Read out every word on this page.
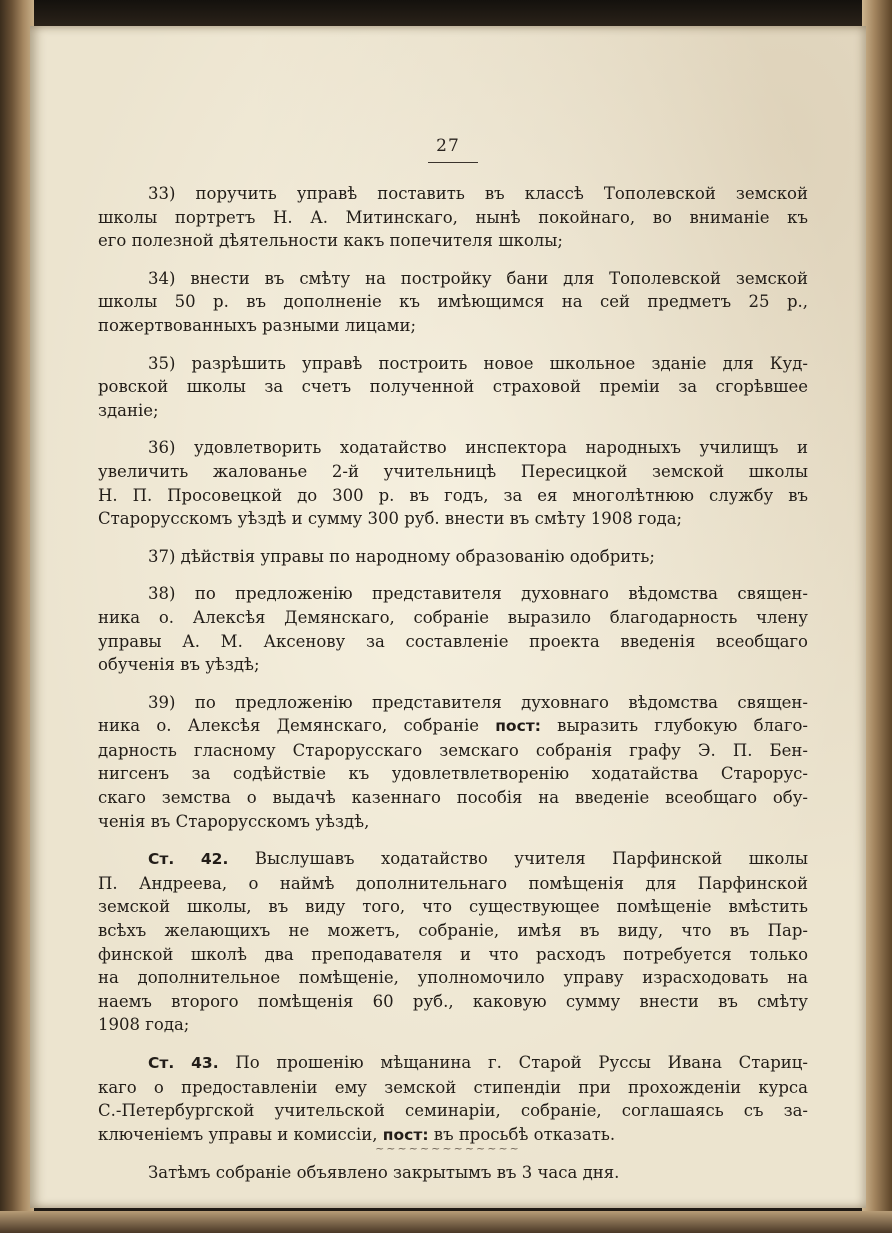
27

33) поручить управѣ поставить въ классѣ Тополевской земской
школы портретъ Н. А. Митинскаго, нынѣ покойнаго, во вниманіе къ
его полезной дѣятельности какъ попечителя школы;

34) внести въ смѣту на постройку бани для Тополевской земской
школы 50 р. въ дополненіе къ имѣющимся на сей предметъ 25 р.,
пожертвованныхъ разными лицами;

35) разрѣшить управѣ построить новое школьное зданіе для Куд-
ровской школы за счетъ полученной страховой преміи за сгорѣвшее
зданіе;

36) удовлетворить ходатайство инспектора народныхъ училищъ и
увеличить жалованье 2-й учительницѣ Пересицкой земской школы
Н. П. Просовецкой до 300 р. въ годъ, за ея многолѣтнюю службу въ
Старорусскомъ уѣздѣ и сумму 300 руб. внести въ смѣту 1908 года;

37) дѣйствія управы по народному образованію одобрить;

38) по предложенію представителя духовнаго вѣдомства священ-
ника о. Алексѣя Демянскаго, собраніе выразило благодарность члену
управы А. М. Аксенову за составленіе проекта введенія всеобщаго
обученія въ уѣздѣ;

39) по предложенію представителя духовнаго вѣдомства священ-
ника о. Алексѣя Демянскаго, собраніе пост: выразить глубокую благо-
дарность гласному Старорусскаго земскаго собранія графу Э. П. Бен-
нигсенъ за содѣйствіе къ удовлетвлетворенію ходатайства Старорус-
скаго земства о выдачѣ казеннаго пособія на введеніе всеобщаго обу-
ченія въ Старорусскомъ уѣздѣ,

Ст. 42. Выслушавъ ходатайство учителя Парфинской школы
П. Андреева, о наймѣ дополнительнаго помѣщенія для Парфинской
земской школы, въ виду того, что существующее помѣщеніе вмѣстить
всѣхъ желающихъ не можетъ, собраніе, имѣя въ виду, что въ Пар-
финской школѣ два преподавателя и что расходъ потребуется только
на дополнительное помѣщеніе, уполномочило управу израсходовать на
наемъ второго помѣщенія 60 руб., каковую сумму внести въ смѣту
1908 года;

Ст. 43. По прошенію мѣщанина г. Старой Руссы Ивана Стариц-
каго о предоставленіи ему земской стипендіи при прохожденіи курса
С.-Петербургской учительской семинаріи, собраніе, соглашаясь съ за-
ключеніемъ управы и комиссіи, пост: въ просьбѣ отказать.

Затѣмъ собраніе объявлено закрытымъ въ 3 часа дня.

~~~~~~~~~~~~~
